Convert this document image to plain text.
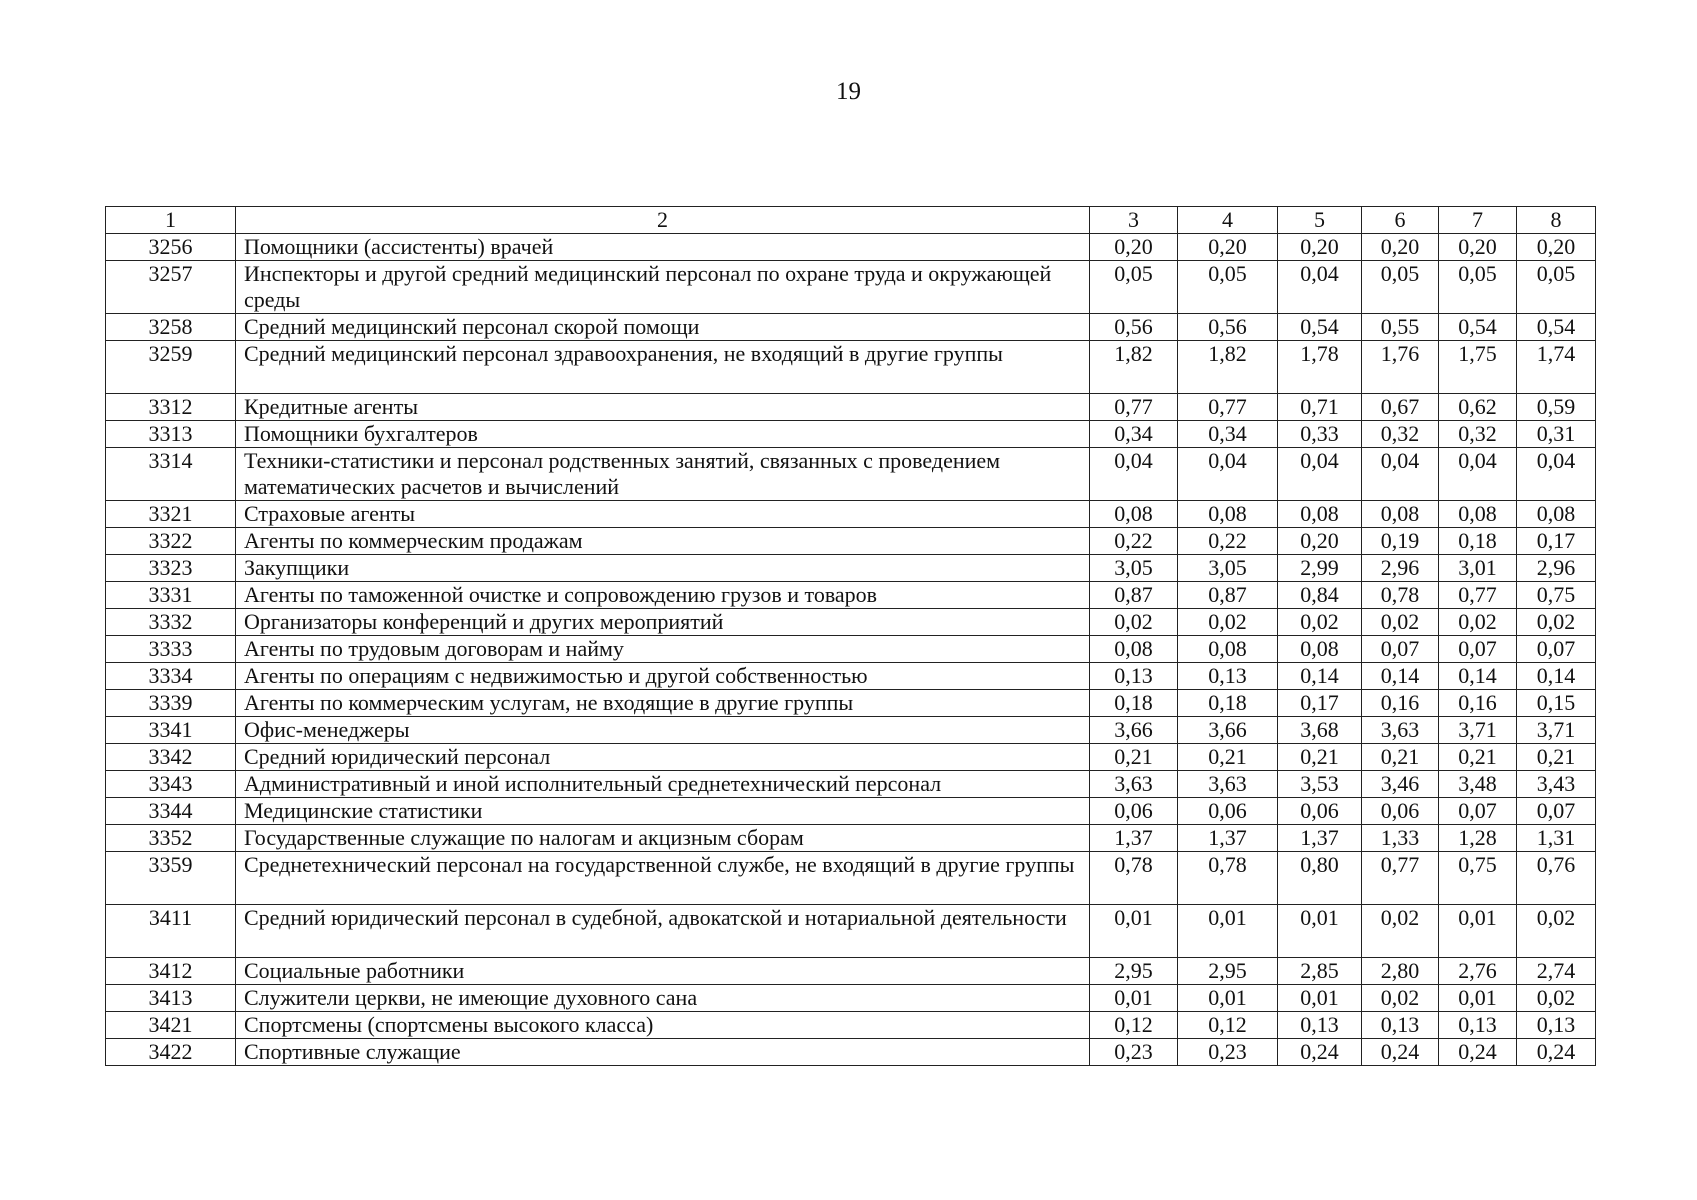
19
1	2	3	4	5	6	7	8
3256	Помощники (ассистенты) врачей	0,20	0,20	0,20	0,20	0,20	0,20
3257	Инспекторы и другой средний медицинский персонал по охране труда и окружающей среды	0,05	0,05	0,04	0,05	0,05	0,05
3258	Средний медицинский персонал скорой помощи	0,56	0,56	0,54	0,55	0,54	0,54
3259	Средний медицинский персонал здравоохранения, не входящий в другие группы	1,82	1,82	1,78	1,76	1,75	1,74
3312	Кредитные агенты	0,77	0,77	0,71	0,67	0,62	0,59
3313	Помощники бухгалтеров	0,34	0,34	0,33	0,32	0,32	0,31
3314	Техники-статистики и персонал родственных занятий, связанных с проведением математических расчетов и вычислений	0,04	0,04	0,04	0,04	0,04	0,04
3321	Страховые агенты	0,08	0,08	0,08	0,08	0,08	0,08
3322	Агенты по коммерческим продажам	0,22	0,22	0,20	0,19	0,18	0,17
3323	Закупщики	3,05	3,05	2,99	2,96	3,01	2,96
3331	Агенты по таможенной очистке и сопровождению грузов и товаров	0,87	0,87	0,84	0,78	0,77	0,75
3332	Организаторы конференций и других мероприятий	0,02	0,02	0,02	0,02	0,02	0,02
3333	Агенты по трудовым договорам и найму	0,08	0,08	0,08	0,07	0,07	0,07
3334	Агенты по операциям с недвижимостью и другой собственностью	0,13	0,13	0,14	0,14	0,14	0,14
3339	Агенты по коммерческим услугам, не входящие в другие группы	0,18	0,18	0,17	0,16	0,16	0,15
3341	Офис-менеджеры	3,66	3,66	3,68	3,63	3,71	3,71
3342	Средний юридический персонал	0,21	0,21	0,21	0,21	0,21	0,21
3343	Административный и иной исполнительный среднетехнический персонал	3,63	3,63	3,53	3,46	3,48	3,43
3344	Медицинские статистики	0,06	0,06	0,06	0,06	0,07	0,07
3352	Государственные служащие по налогам и акцизным сборам	1,37	1,37	1,37	1,33	1,28	1,31
3359	Среднетехнический персонал на государственной службе, не входящий в другие группы	0,78	0,78	0,80	0,77	0,75	0,76
3411	Средний юридический персонал в судебной, адвокатской и нотариальной деятельности	0,01	0,01	0,01	0,02	0,01	0,02
3412	Социальные работники	2,95	2,95	2,85	2,80	2,76	2,74
3413	Служители церкви, не имеющие духовного сана	0,01	0,01	0,01	0,02	0,01	0,02
3421	Спортсмены (спортсмены высокого класса)	0,12	0,12	0,13	0,13	0,13	0,13
3422	Спортивные служащие	0,23	0,23	0,24	0,24	0,24	0,24
